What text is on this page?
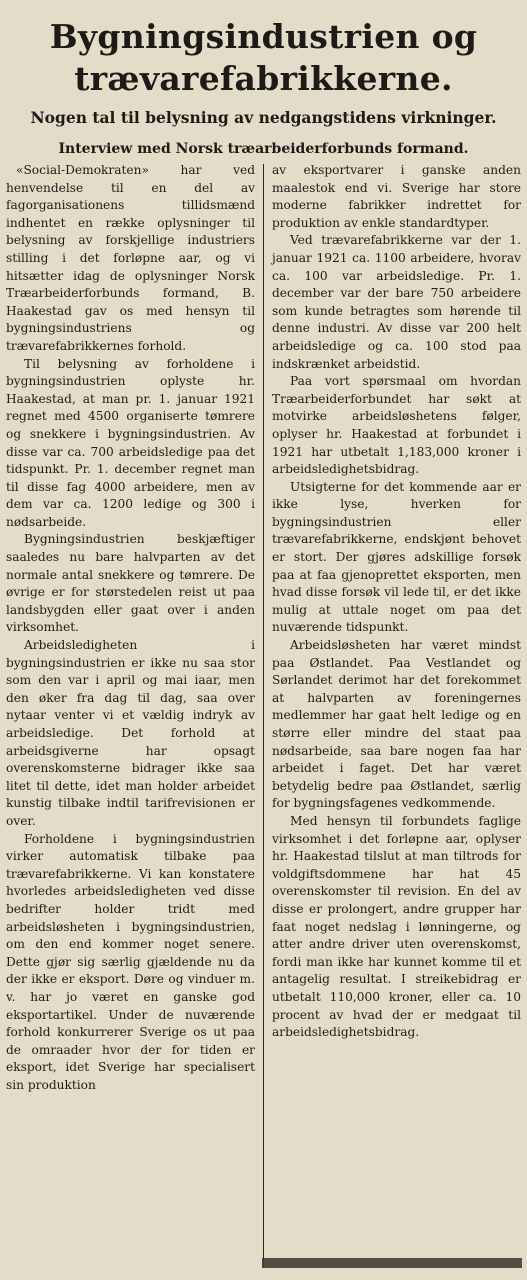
Bygningsindustrien og
trævarefabrikkerne.
Nogen tal til belysning av nedgangstidens virkninger.
Interview med Norsk træarbeiderforbunds formand.

«Social-Demokraten» har ved henvendelse til en del av fagorganisationens tillidsmænd indhentet en række oplysninger til belysning av forskjellige industriers stilling i det forløpne aar, og vi hitsætter idag de oplysninger Norsk Træarbeiderforbunds formand, B. Haakestad gav os med hensyn til bygningsindustriens og trævarefabrikkernes forhold.

Til belysning av forholdene i bygningsindustrien oplyste hr. Haakestad, at man pr. 1. januar 1921 regnet med 4500 organiserte tømrere og snekkere i bygningsindustrien. Av disse var ca. 700 arbeidsledige paa det tidspunkt. Pr. 1. december regnet man til disse fag 4000 arbeidere, men av dem var ca. 1200 ledige og 300 i nødsarbeide.

Bygningsindustrien beskjæftiger saaledes nu bare halvparten av det normale antal snekkere og tømrere. De øvrige er for størstedelen reist ut paa landsbygden eller gaat over i anden virksomhet.

Arbeidsledigheten i bygningsindustrien er ikke nu saa stor som den var i april og mai iaar, men den øker fra dag til dag, saa over nytaar venter vi et vældig indryk av arbeidsledige. Det forhold at arbeidsgiverne har opsagt overenskomsterne bidrager ikke saa litet til dette, idet man holder arbeidet kunstig tilbake indtil tarifrevisionen er over.

Forholdene i bygningsindustrien virker automatisk tilbake paa trævarefabrikkerne. Vi kan konstatere hvorledes arbeidsledigheten ved disse bedrifter holder tridt med arbeidsløsheten i bygningsindustrien, om den end kommer noget senere. Dette gjør sig særlig gjældende nu da der ikke er eksport. Døre og vinduer m. v. har jo været en ganske god eksportartikel. Under de nuværende forhold konkurrerer Sverige os ut paa de omraader hvor der for tiden er eksport, idet Sverige har specialisert sin produktion

av eksportvarer i ganske anden maalestok end vi. Sverige har store moderne fabrikker indrettet for produktion av enkle standardtyper.

Ved trævarefabrikkerne var der 1. januar 1921 ca. 1100 arbeidere, hvorav ca. 100 var arbeidsledige. Pr. 1. december var der bare 750 arbeidere som kunde betragtes som hørende til denne industri. Av disse var 200 helt arbeidsledige og ca. 100 stod paa indskrænket arbeidstid.

Paa vort spørsmaal om hvordan Træarbeiderforbundet har søkt at motvirke arbeidsløshetens følger, oplyser hr. Haakestad at forbundet i 1921 har utbetalt 1,183,000 kroner i arbeidsledighetsbidrag.

Utsigterne for det kommende aar er ikke lyse, hverken for bygningsindustrien eller trævarefabrikkerne, endskjønt behovet er stort. Der gjøres adskillige forsøk paa at faa gjenoprettet eksporten, men hvad disse forsøk vil lede til, er det ikke mulig at uttale noget om paa det nuværende tidspunkt.

Arbeidsløsheten har været mindst paa Østlandet. Paa Vestlandet og Sørlandet derimot har det forekommet at halvparten av foreningernes medlemmer har gaat helt ledige og en større eller mindre del staat paa nødsarbeide, saa bare nogen faa har arbeidet i faget. Det har været betydelig bedre paa Østlandet, særlig for bygningsfagenes vedkommende.

Med hensyn til forbundets faglige virksomhet i det forløpne aar, oplyser hr. Haakestad tilslut at man tiltrods for voldgiftsdommene har hat 45 overenskomster til revision. En del av disse er prolongert, andre grupper har faat noget nedslag i lønningerne, og atter andre driver uten overenskomst, fordi man ikke har kunnet komme til et antagelig resultat. I streikebidrag er utbetalt 110,000 kroner, eller ca. 10 procent av hvad der er medgaat til arbeidsledighetsbidrag.
